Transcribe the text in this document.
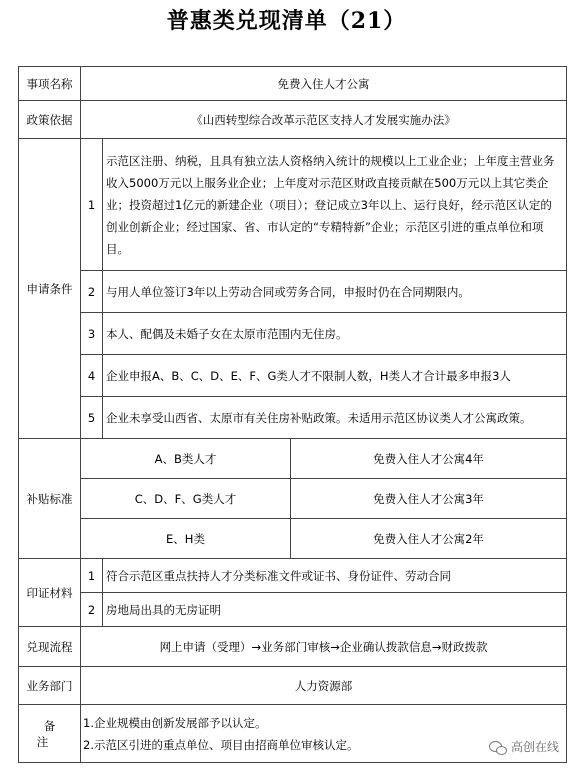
普惠类兑现清单（21）
事项名称	免费入住人才公寓		
政策依据	《山西转型综合改革示范区支持人才发展实施办法》		
申请条件	1	示范区注册、纳税，且具有独立法人资格纳入统计的规模以上工业企业；上年度主营业务收入5000万元以上服务业企业；上年度对示范区财政直接贡献在500万元以上其它类企业；投资超过1亿元的新建企业（项目）；登记成立3年以上、运行良好，经示范区认定的创业创新企业；经过国家、省、市认定的“专精特新”企业；示范区引进的重点单位和项目。	
	2	与用人单位签订3年以上劳动合同或劳务合同，申报时仍在合同期限内。	
	3	本人、配偶及未婚子女在太原市范围内无住房。	
	4	企业申报A、B、C、D、E、F、G类人才不限制人数，H类人才合计最多申报3人	
	5	企业未享受山西省、太原市有关住房补贴政策。未适用示范区协议类人才公寓政策。	
补贴标准	A、B类人才		免费入住人才公寓4年
	C、D、F、G类人才		免费入住人才公寓3年
	E、H类		免费入住人才公寓2年
印证材料	1	符合示范区重点扶持人才分类标准文件或证书、身份证件、劳动合同	
	2	房地局出具的无房证明	
兑现流程	网上申请（受理）→业务部门审核→企业确认拨款信息→财政拨款		
业务部门	人力资源部		
备注	1.企业规模由创新发展部予以认定。
2.示范区引进的重点单位、项目由招商单位审核认定。			高创在线
